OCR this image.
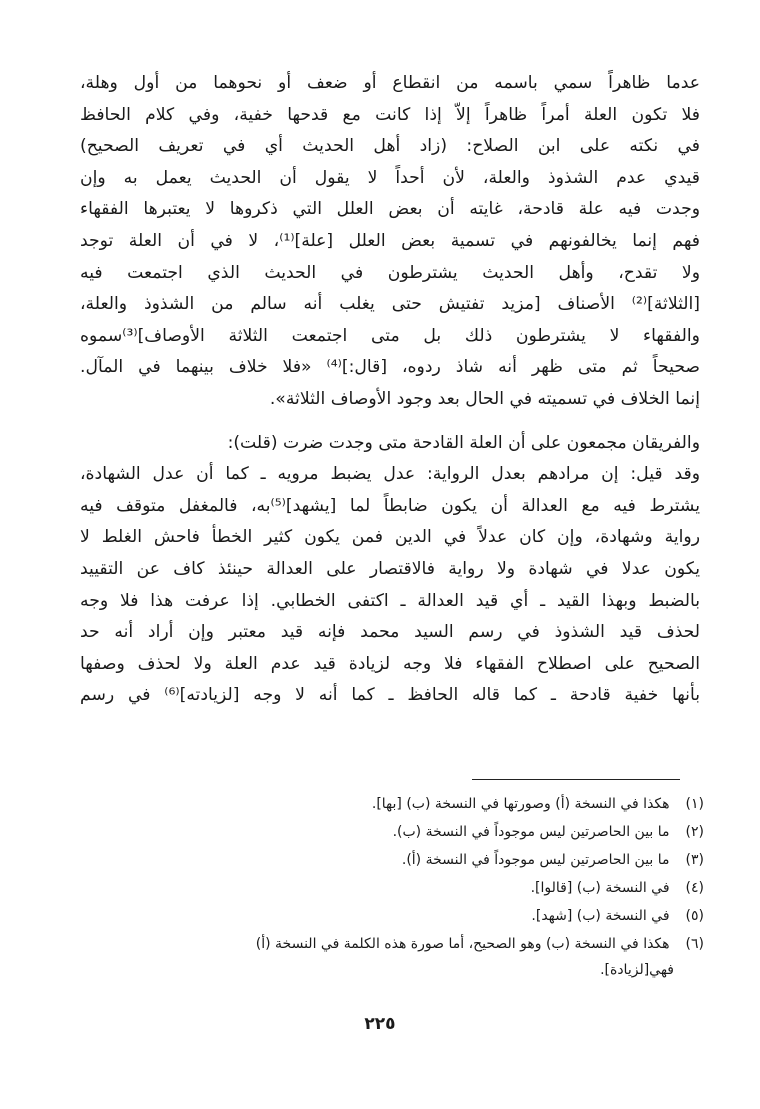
عدما ظاهراً سمي باسمه من انقطاع أو ضعف أو نحوهما من أول وهلة،
فلا تكون العلة أمراً ظاهراً إلاّ إذا كانت مع قدحها خفية، وفي كلام الحافظ
في نكته على ابن الصلاح: (زاد أهل الحديث أي في تعريف الصحيح)
قيدي عدم الشذوذ والعلة، لأن أحداً لا يقول أن الحديث يعمل به وإن
وجدت فيه علة قادحة، غايته أن بعض العلل التي ذكروها لا يعتبرها الفقهاء
فهم إنما يخالفونهم في تسمية بعض العلل [علة]⁽¹⁾، لا في أن العلة توجد
ولا تقدح، وأهل الحديث يشترطون في الحديث الذي اجتمعت فيه
[الثلاثة]⁽²⁾ الأصناف [مزيد تفتيش حتى يغلب أنه سالم من الشذوذ والعلة،
والفقهاء لا يشترطون ذلك بل متى اجتمعت الثلاثة الأوصاف]⁽³⁾سموه
صحيحاً ثم متى ظهر أنه شاذ ردوه، [قال:]⁽⁴⁾ «فلا خلاف بينهما في المآل.
إنما الخلاف في تسميته في الحال بعد وجود الأوصاف الثلاثة».
والفريقان مجمعون على أن العلة القادحة متى وجدت ضرت (قلت):
وقد قيل: إن مرادهم بعدل الرواية: عدل يضبط مرويه ـ كما أن عدل الشهادة،
يشترط فيه مع العدالة أن يكون ضابطاً لما [يشهد]⁽⁵⁾به، فالمغفل متوقف فيه
رواية وشهادة، وإن كان عدلاً في الدين فمن يكون كثير الخطأ فاحش الغلط لا
يكون عدلا في شهادة ولا رواية فالاقتصار على العدالة حينئذ كاف عن التقييد
بالضبط وبهذا القيد ـ أي قيد العدالة ـ اكتفى الخطابي. إذا عرفت هذا فلا وجه
لحذف قيد الشذوذ في رسم السيد محمد فإنه قيد معتبر وإن أراد أنه حد
الصحيح على اصطلاح الفقهاء فلا وجه لزيادة قيد عدم العلة ولا لحذف وصفها
بأنها خفية قادحة ـ كما قاله الحافظ ـ كما أنه لا وجه [لزيادته]⁽⁶⁾ في رسم
(١) هكذا في النسخة (أ) وصورتها في النسخة (ب) [بها].
(٢) ما بين الحاصرتين ليس موجوداً في النسخة (ب).
(٣) ما بين الحاصرتين ليس موجوداً في النسخة (أ).
(٤) في النسخة (ب) [قالوا].
(٥) في النسخة (ب) [شهد].
(٦) هكذا في النسخة (ب) وهو الصحيح، أما صورة هذه الكلمة في النسخة (أ)
فهي[لزيادة].
٢٢٥
